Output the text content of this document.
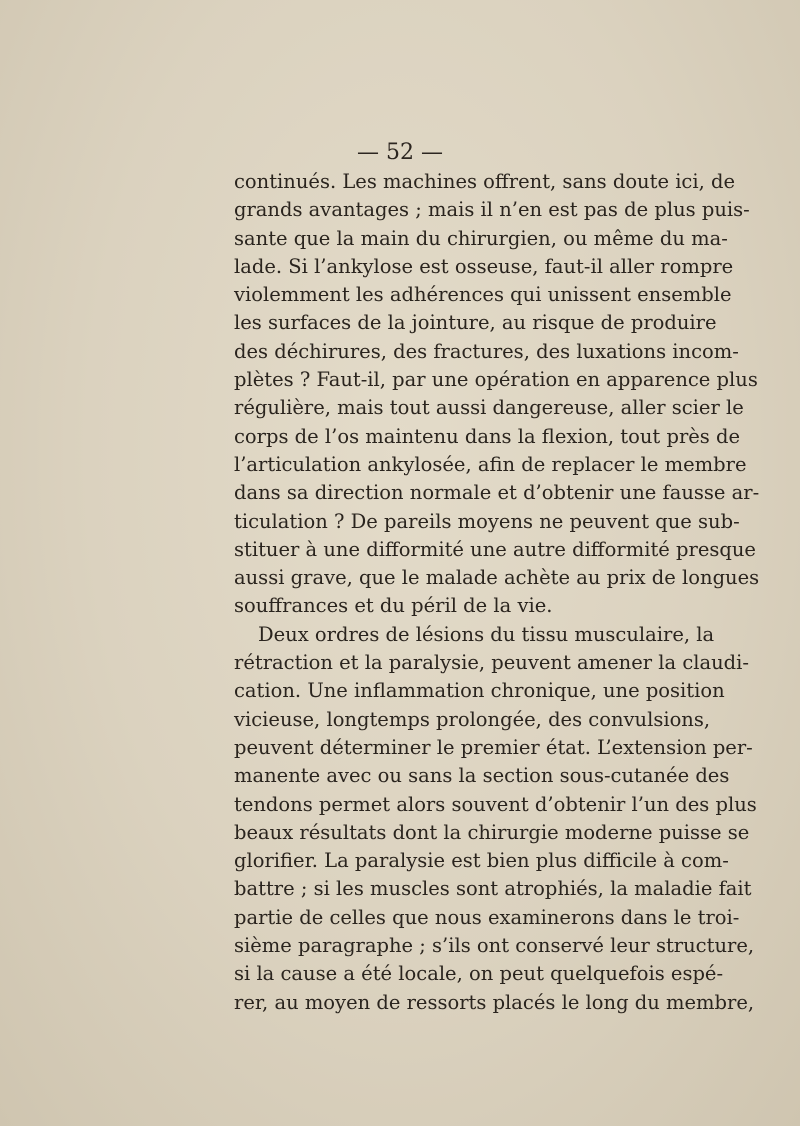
— 52 —
continués. Les machines offrent, sans doute ici, de
grands avantages ; mais il n’en est pas de plus puis-
sante que la main du chirurgien, ou même du ma-
lade. Si l’ankylose est osseuse, faut-il aller rompre
violemment les adhérences qui unissent ensemble
les surfaces de la jointure, au risque de produire
des déchirures, des fractures, des luxations incom-
plètes ? Faut-il, par une opération en apparence plus
régulière, mais tout aussi dangereuse, aller scier le
corps de l’os maintenu dans la flexion, tout près de
l’articulation ankylosée, afin de replacer le membre
dans sa direction normale et d’obtenir une fausse ar-
ticulation ? De pareils moyens ne peuvent que sub-
stituer à une difformité une autre difformité presque
aussi grave, que le malade achète au prix de longues
souffrances et du péril de la vie.
Deux ordres de lésions du tissu musculaire, la
rétraction et la paralysie, peuvent amener la claudi-
cation. Une inflammation chronique, une position
vicieuse, longtemps prolongée, des convulsions,
peuvent déterminer le premier état. L’extension per-
manente avec ou sans la section sous-cutanée des
tendons permet alors souvent d’obtenir l’un des plus
beaux résultats dont la chirurgie moderne puisse se
glorifier. La paralysie est bien plus difficile à com-
battre ; si les muscles sont atrophiés, la maladie fait
partie de celles que nous examinerons dans le troi-
sième paragraphe ; s’ils ont conservé leur structure,
si la cause a été locale, on peut quelquefois espé-
rer, au moyen de ressorts placés le long du membre,
